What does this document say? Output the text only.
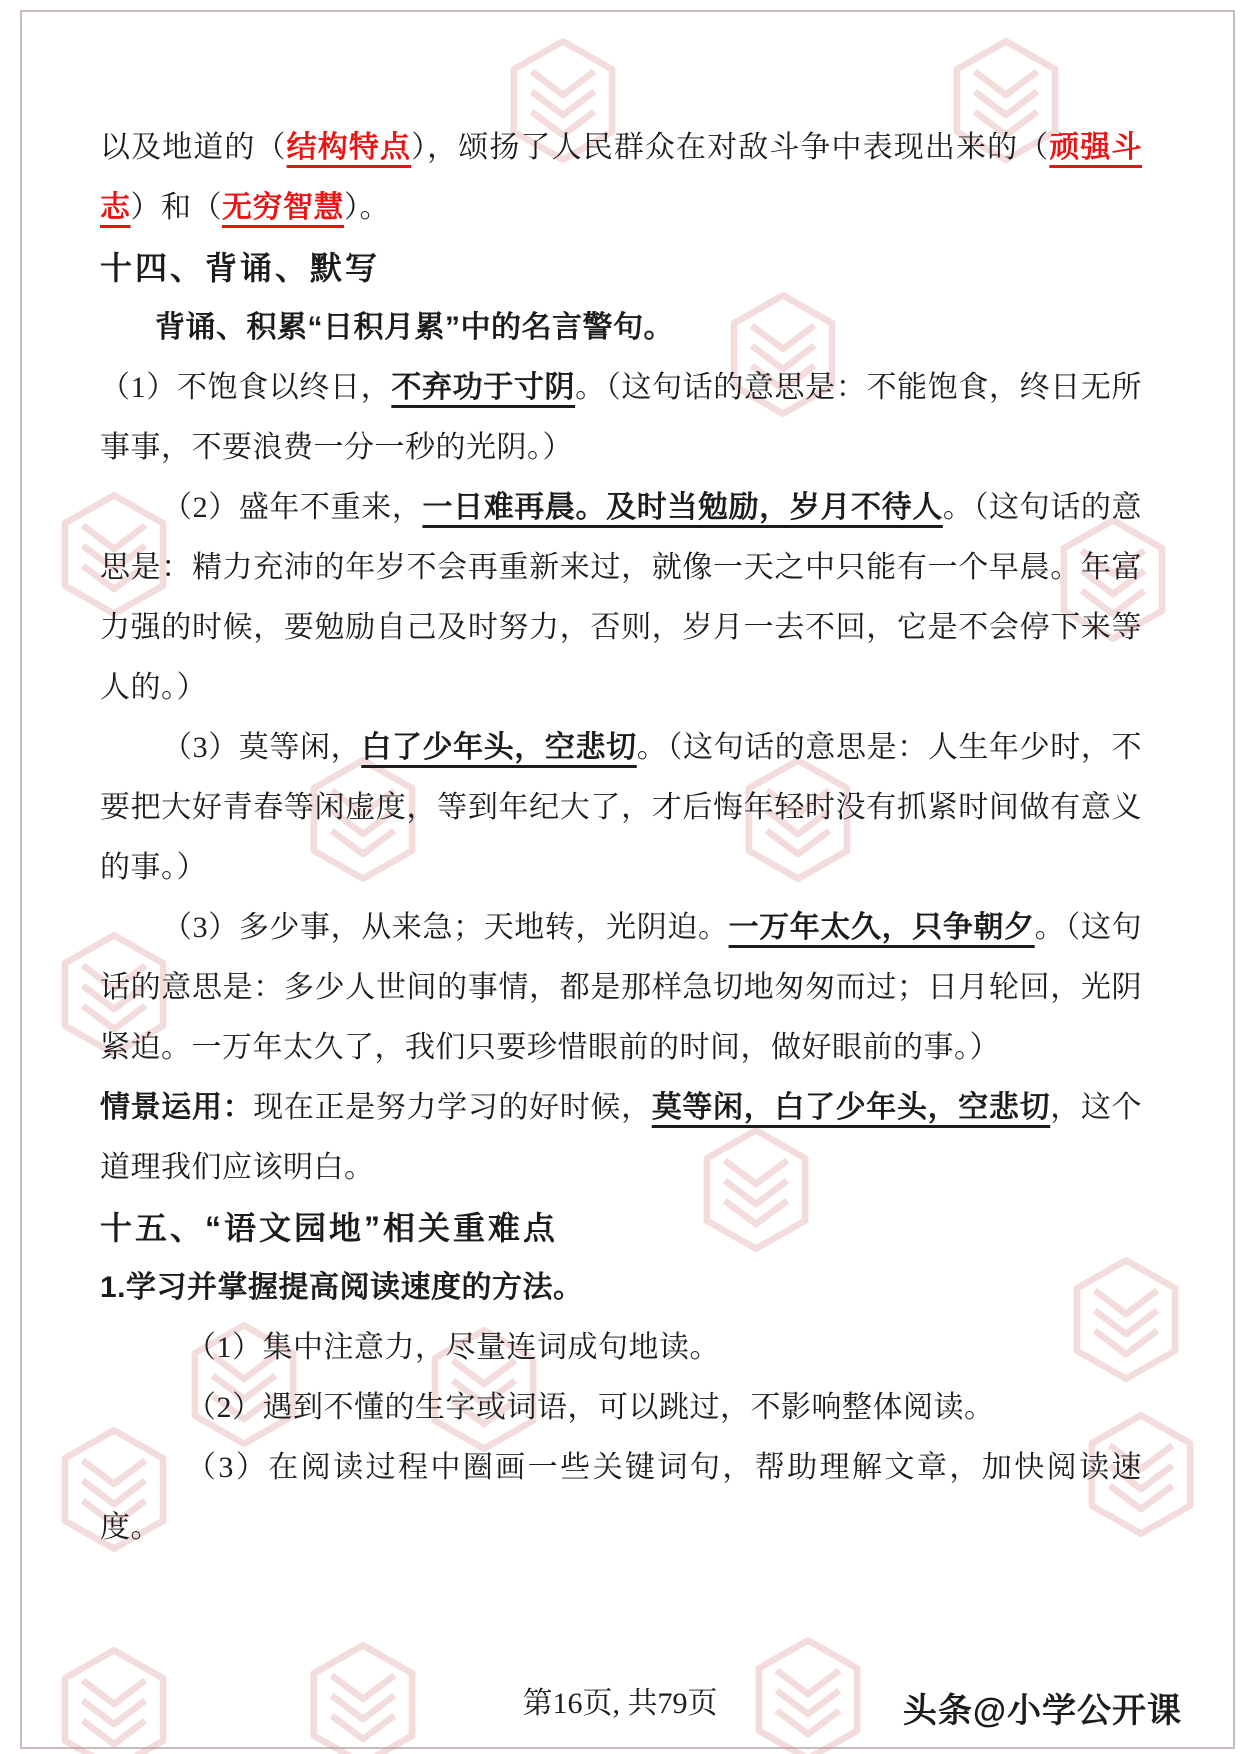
以及地道的（结构特点），颂扬了人民群众在对敌斗争中表现出来的（顽强斗志）和（无穷智慧）。

十四、背诵、默写

背诵、积累“日积月累”中的名言警句。

（1）不饱食以终日，不弃功于寸阴。（这句话的意思是：不能饱食，终日无所事事，不要浪费一分一秒的光阴。）

（2）盛年不重来，一日难再晨。及时当勉励，岁月不待人。（这句话的意思是：精力充沛的年岁不会再重新来过，就像一天之中只能有一个早晨。年富力强的时候，要勉励自己及时努力，否则，岁月一去不回，它是不会停下来等人的。）

（3）莫等闲，白了少年头，空悲切。（这句话的意思是：人生年少时，不要把大好青春等闲虚度，等到年纪大了，才后悔年轻时没有抓紧时间做有意义的事。）

（3）多少事，从来急；天地转，光阴迫。一万年太久，只争朝夕。（这句话的意思是：多少人世间的事情，都是那样急切地匆匆而过；日月轮回，光阴紧迫。一万年太久了，我们只要珍惜眼前的时间，做好眼前的事。）

情景运用：现在正是努力学习的好时候，莫等闲，白了少年头，空悲切，这个道理我们应该明白。

十五、“语文园地”相关重难点

1.学习并掌握提高阅读速度的方法。

（1）集中注意力，尽量连词成句地读。

（2）遇到不懂的生字或词语，可以跳过，不影响整体阅读。

（3）在阅读过程中圈画一些关键词句，帮助理解文章，加快阅读速度。

第16页, 共79页	头条@小学公开课
